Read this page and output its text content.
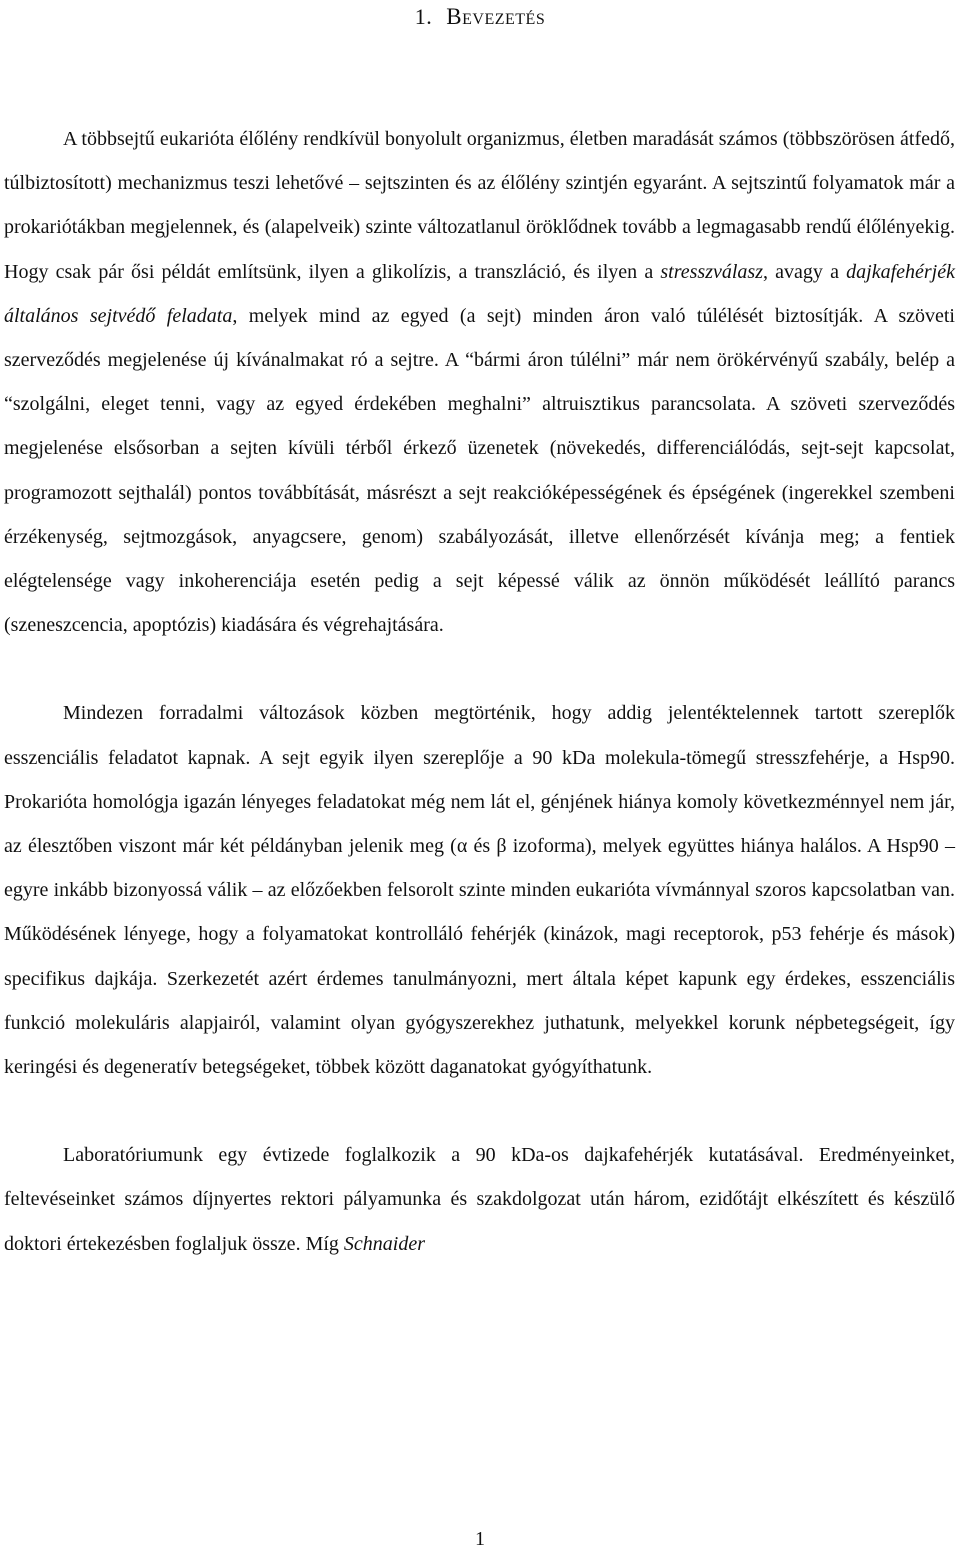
1. Bevezetés

A többsejtű eukarióta élőlény rendkívül bonyolult organizmus, életben maradását számos (többszörösen átfedő, túlbiztosított) mechanizmus teszi lehetővé – sejtszinten és az élőlény szintjén egyaránt. A sejtszintű folyamatok már a prokariótákban megjelennek, és (alapelveik) szinte változatlanul öröklődnek tovább a legmagasabb rendű élőlényekig. Hogy csak pár ősi példát említsünk, ilyen a glikolízis, a transzláció, és ilyen a stresszválasz, avagy a dajkafehérjék általános sejtvédő feladata, melyek mind az egyed (a sejt) minden áron való túlélését biztosítják. A szöveti szerveződés megjelenése új kívánalmakat ró a sejtre. A “bármi áron túlélni” már nem örökérvényű szabály, belép a “szolgálni, eleget tenni, vagy az egyed érdekében meghalni” altruisztikus parancsolata. A szöveti szerveződés megjelenése elsősorban a sejten kívüli térből érkező üzenetek (növekedés, differenciálódás, sejt-sejt kapcsolat, programozott sejthalál) pontos továbbítását, másrészt a sejt reakcióképességének és épségének (ingerekkel szembeni érzékenység, sejtmozgások, anyagcsere, genom) szabályozását, illetve ellenőrzését kívánja meg; a fentiek elégtelensége vagy inkoherenciája esetén pedig a sejt képessé válik az önnön működését leállító parancs (szeneszcencia, apoptózis) kiadására és végrehajtására.

Mindezen forradalmi változások közben megtörténik, hogy addig jelentéktelennek tartott szereplők esszenciális feladatot kapnak. A sejt egyik ilyen szereplője a 90 kDa molekula-tömegű stresszfehérje, a Hsp90. Prokarióta homológja igazán lényeges feladatokat még nem lát el, génjének hiánya komoly következménnyel nem jár, az élesztőben viszont már két példányban jelenik meg (α és β izoforma), melyek együttes hiánya halálos. A Hsp90 – egyre inkább bizonyossá válik – az előzőekben felsorolt szinte minden eukarióta vívmánnyal szoros kapcsolatban van. Működésének lényege, hogy a folyamatokat kontrolláló fehérjék (kinázok, magi receptorok, p53 fehérje és mások) specifikus dajkája. Szerkezetét azért érdemes tanulmányozni, mert általa képet kapunk egy érdekes, esszenciális funkció molekuláris alapjairól, valamint olyan gyógyszerekhez juthatunk, melyekkel korunk népbetegségeit, így keringési és degeneratív betegségeket, többek között daganatokat gyógyíthatunk.

Laboratóriumunk egy évtizede foglalkozik a 90 kDa-os dajkafehérjék kutatásával. Eredményeinket, feltevéseinket számos díjnyertes rektori pályamunka és szakdolgozat után három, ezidőtájt elkészített és készülő doktori értekezésben foglaljuk össze. Míg Schnaider

1
